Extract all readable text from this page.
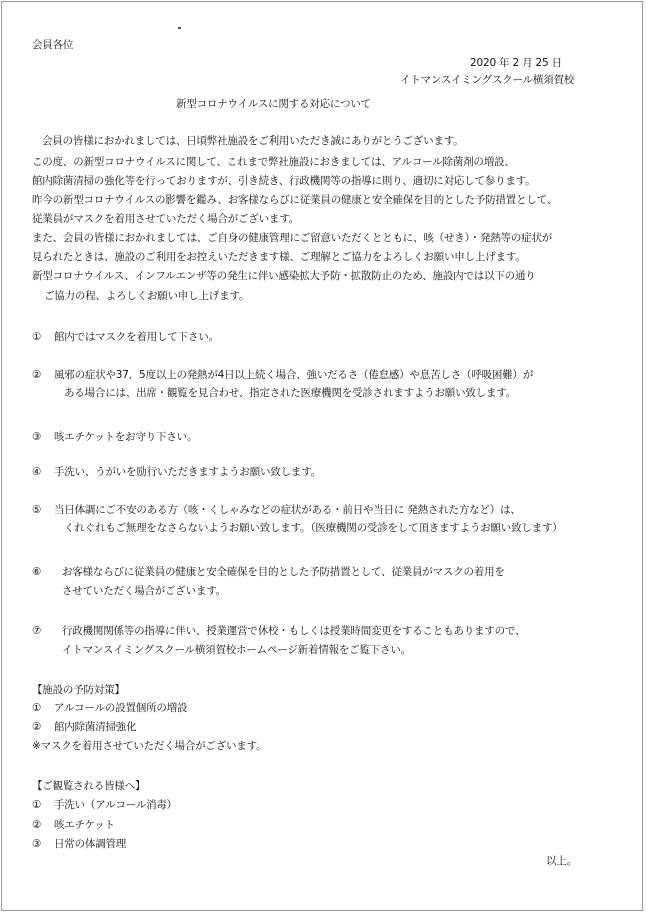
会員各位
2020 年 2 月 25 日
イトマンスイミングスクール横須賀校
新型コロナウイルスに関する対応について
会員の皆様におかれましては、日頃弊社施設をご利用いただき誠にありがとうございます。
この度、の新型コロナウイルスに関して、これまで弊社施設におきましては、アルコール除菌剤の増設、
館内除菌清掃の強化等を行っておりますが、引き続き、行政機関等の指導に則り、適切に対応して参ります。
昨今の新型コロナウイルスの影響を鑑み、お客様ならびに従業員の健康と安全確保を目的とした予防措置として、
従業員がマスクを着用させていただく場合がございます。
また、会員の皆様におかれましては、ご自身の健康管理にご留意いただくとともに、咳（せき）・発熱等の症状が
見られたときは、施設のご利用をお控えいただきます様、ご理解とご協力をよろしくお願い申し上げます。
新型コロナウイルス、インフルエンザ等の発生に伴い感染拡大予防・拡散防止のため、施設内では以下の通り
ご協力の程、よろしくお願い申し上げます。
① 館内ではマスクを着用して下さい。
② 風邪の症状や37．5度以上の発熱が4日以上続く場合、強いだるさ（倦怠感）や息苦しさ（呼吸困難）が
ある場合には、出席・観覧を見合わせ、指定された医療機関を受診されますようお願い致します。
③ 咳エチケットをお守り下さい。
④ 手洗い、うがいを励行いただきますようお願い致します。
⑤ 当日体調にご不安のある方（咳・くしゃみなどの症状がある・前日や当日に 発熱された方など）は、
くれぐれもご無理をなさらないようお願い致します。（医療機関の受診をして頂きますようお願い致します）
⑥ お客様ならびに従業員の健康と安全確保を目的とした予防措置として、従業員がマスクの着用を
させていただく場合がございます。
⑦ 行政機関関係等の指導に伴い、授業運営で休校・もしくは授業時間変更をすることもありますので、
イトマンスイミングスクール横須賀校ホームページ新着情報をご覧下さい。
【施設の予防対策】
① アルコールの設置個所の増設
② 館内除菌清掃強化
※マスクを着用させていただく場合がございます。
【ご観覧される皆様へ】
① 手洗い（アルコール消毒）
② 咳エチケット
③ 日常の体調管理
以上。
